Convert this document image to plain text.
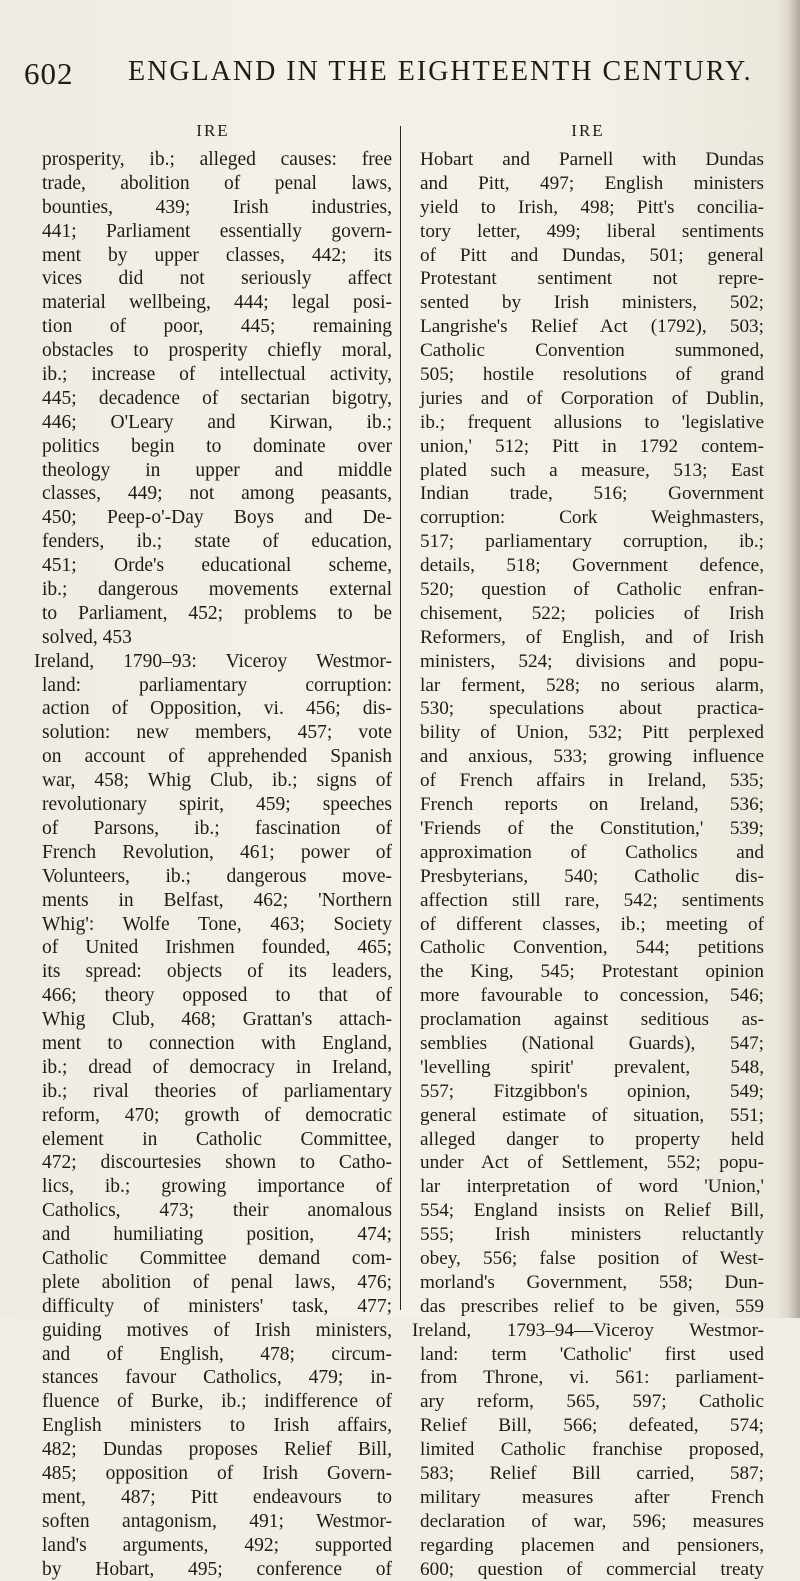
602 ENGLAND IN THE EIGHTEENTH CENTURY.
IRE
prosperity, ib.; alleged causes: free
trade, abolition of penal laws,
bounties, 439; Irish industries,
441; Parliament essentially govern-
ment by upper classes, 442; its
vices did not seriously affect
material wellbeing, 444; legal posi-
tion of poor, 445; remaining
obstacles to prosperity chiefly moral,
ib.; increase of intellectual activity,
445; decadence of sectarian bigotry,
446; O'Leary and Kirwan, ib.;
politics begin to dominate over
theology in upper and middle
classes, 449; not among peasants,
450; Peep-o'-Day Boys and De-
fenders, ib.; state of education,
451; Orde's educational scheme,
ib.; dangerous movements external
to Parliament, 452; problems to be
solved, 453
Ireland, 1790–93: Viceroy Westmor-
land: parliamentary corruption:
action of Opposition, vi. 456; dis-
solution: new members, 457; vote
on account of apprehended Spanish
war, 458; Whig Club, ib.; signs of
revolutionary spirit, 459; speeches
of Parsons, ib.; fascination of
French Revolution, 461; power of
Volunteers, ib.; dangerous move-
ments in Belfast, 462; 'Northern
Whig': Wolfe Tone, 463; Society
of United Irishmen founded, 465;
its spread: objects of its leaders,
466; theory opposed to that of
Whig Club, 468; Grattan's attach-
ment to connection with England,
ib.; dread of democracy in Ireland,
ib.; rival theories of parliamentary
reform, 470; growth of democratic
element in Catholic Committee,
472; discourtesies shown to Catho-
lics, ib.; growing importance of
Catholics, 473; their anomalous
and humiliating position, 474;
Catholic Committee demand com-
plete abolition of penal laws, 476;
difficulty of ministers' task, 477;
guiding motives of Irish ministers,
and of English, 478; circum-
stances favour Catholics, 479; in-
fluence of Burke, ib.; indifference of
English ministers to Irish affairs,
482; Dundas proposes Relief Bill,
485; opposition of Irish Govern-
ment, 487; Pitt endeavours to
soften antagonism, 491; Westmor-
land's arguments, 492; supported
by Hobart, 495; conference of
IRE
Hobart and Parnell with Dundas
and Pitt, 497; English ministers
yield to Irish, 498; Pitt's concilia-
tory letter, 499; liberal sentiments
of Pitt and Dundas, 501; general
Protestant sentiment not repre-
sented by Irish ministers, 502;
Langrishe's Relief Act (1792), 503;
Catholic Convention summoned,
505; hostile resolutions of grand
juries and of Corporation of Dublin,
ib.; frequent allusions to 'legislative
union,' 512; Pitt in 1792 contem-
plated such a measure, 513; East
Indian trade, 516; Government
corruption: Cork Weighmasters,
517; parliamentary corruption, ib.;
details, 518; Government defence,
520; question of Catholic enfran-
chisement, 522; policies of Irish
Reformers, of English, and of Irish
ministers, 524; divisions and popu-
lar ferment, 528; no serious alarm,
530; speculations about practica-
bility of Union, 532; Pitt perplexed
and anxious, 533; growing influence
of French affairs in Ireland, 535;
French reports on Ireland, 536;
'Friends of the Constitution,' 539;
approximation of Catholics and
Presbyterians, 540; Catholic dis-
affection still rare, 542; sentiments
of different classes, ib.; meeting of
Catholic Convention, 544; petitions
the King, 545; Protestant opinion
more favourable to concession, 546;
proclamation against seditious as-
semblies (National Guards), 547;
'levelling spirit' prevalent, 548,
557; Fitzgibbon's opinion, 549;
general estimate of situation, 551;
alleged danger to property held
under Act of Settlement, 552; popu-
lar interpretation of word 'Union,'
554; England insists on Relief Bill,
555; Irish ministers reluctantly
obey, 556; false position of West-
morland's Government, 558; Dun-
das prescribes relief to be given, 559
Ireland, 1793–94—Viceroy Westmor-
land: term 'Catholic' first used
from Throne, vi. 561: parliament-
ary reform, 565, 597; Catholic
Relief Bill, 566; defeated, 574;
limited Catholic franchise proposed,
583; Relief Bill carried, 587;
military measures after French
declaration of war, 596; measures
regarding placemen and pensioners,
600; question of commercial treaty
